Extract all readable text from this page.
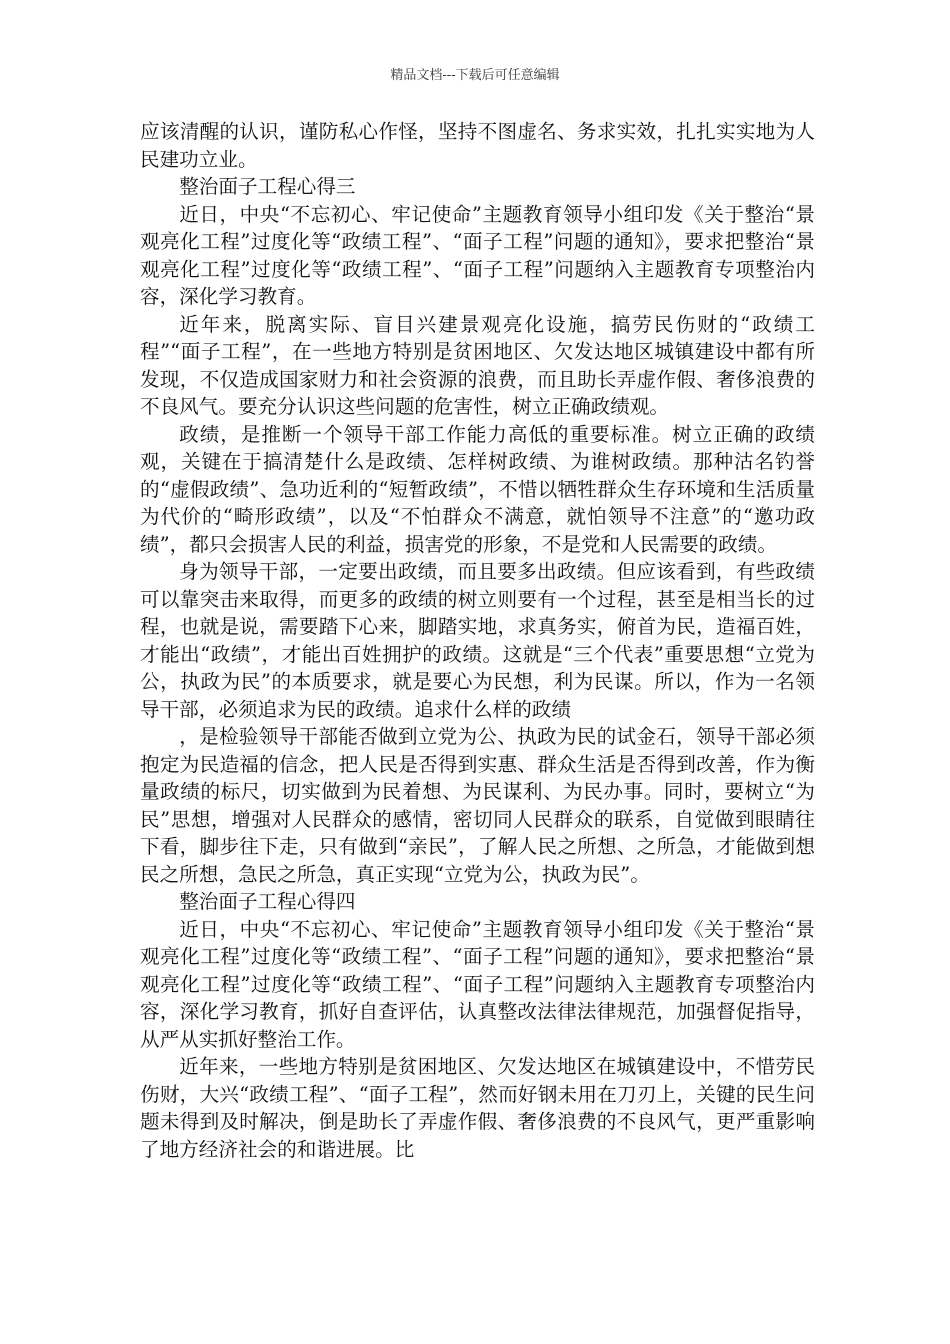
精品文档---下载后可任意编辑

应该清醒的认识，谨防私心作怪，坚持不图虚名、务求实效，扎扎实实地为人民建功立业。

整治面子工程心得三

近日，中央“不忘初心、牢记使命”主题教育领导小组印发《关于整治“景观亮化工程”过度化等“政绩工程”、“面子工程”问题的通知》，要求把整治“景观亮化工程”过度化等“政绩工程”、“面子工程”问题纳入主题教育专项整治内容，深化学习教育。

近年来，脱离实际、盲目兴建景观亮化设施，搞劳民伤财的“政绩工程”“面子工程”，在一些地方特别是贫困地区、欠发达地区城镇建设中都有所发现，不仅造成国家财力和社会资源的浪费，而且助长弄虚作假、奢侈浪费的不良风气。要充分认识这些问题的危害性，树立正确政绩观。

政绩，是推断一个领导干部工作能力高低的重要标准。树立正确的政绩观，关键在于搞清楚什么是政绩、怎样树政绩、为谁树政绩。那种沽名钓誉的“虚假政绩”、急功近利的“短暂政绩”，不惜以牺牲群众生存环境和生活质量为代价的“畸形政绩”，以及“不怕群众不满意，就怕领导不注意”的“邀功政绩”，都只会损害人民的利益，损害党的形象，不是党和人民需要的政绩。

身为领导干部，一定要出政绩，而且要多出政绩。但应该看到，有些政绩可以靠突击来取得，而更多的政绩的树立则要有一个过程，甚至是相当长的过程，也就是说，需要踏下心来，脚踏实地，求真务实，俯首为民，造福百姓，才能出“政绩”，才能出百姓拥护的政绩。这就是“三个代表”重要思想“立党为公，执政为民”的本质要求，就是要心为民想，利为民谋。所以，作为一名领导干部，必须追求为民的政绩。追求什么样的政绩

，是检验领导干部能否做到立党为公、执政为民的试金石，领导干部必须抱定为民造福的信念，把人民是否得到实惠、群众生活是否得到改善，作为衡量政绩的标尺，切实做到为民着想、为民谋利、为民办事。同时，要树立“为民”思想，增强对人民群众的感情，密切同人民群众的联系，自觉做到眼睛往下看，脚步往下走，只有做到“亲民”，了解人民之所想、之所急，才能做到想民之所想，急民之所急，真正实现“立党为公，执政为民”。

整治面子工程心得四

近日，中央“不忘初心、牢记使命”主题教育领导小组印发《关于整治“景观亮化工程”过度化等“政绩工程”、“面子工程”问题的通知》，要求把整治“景观亮化工程”过度化等“政绩工程”、“面子工程”问题纳入主题教育专项整治内容，深化学习教育，抓好自查评估，认真整改法律法律规范，加强督促指导，从严从实抓好整治工作。

近年来，一些地方特别是贫困地区、欠发达地区在城镇建设中，不惜劳民伤财，大兴“政绩工程”、“面子工程”，然而好钢未用在刀刃上，关键的民生问题未得到及时解决，倒是助长了弄虚作假、奢侈浪费的不良风气，更严重影响了地方经济社会的和谐进展。比
